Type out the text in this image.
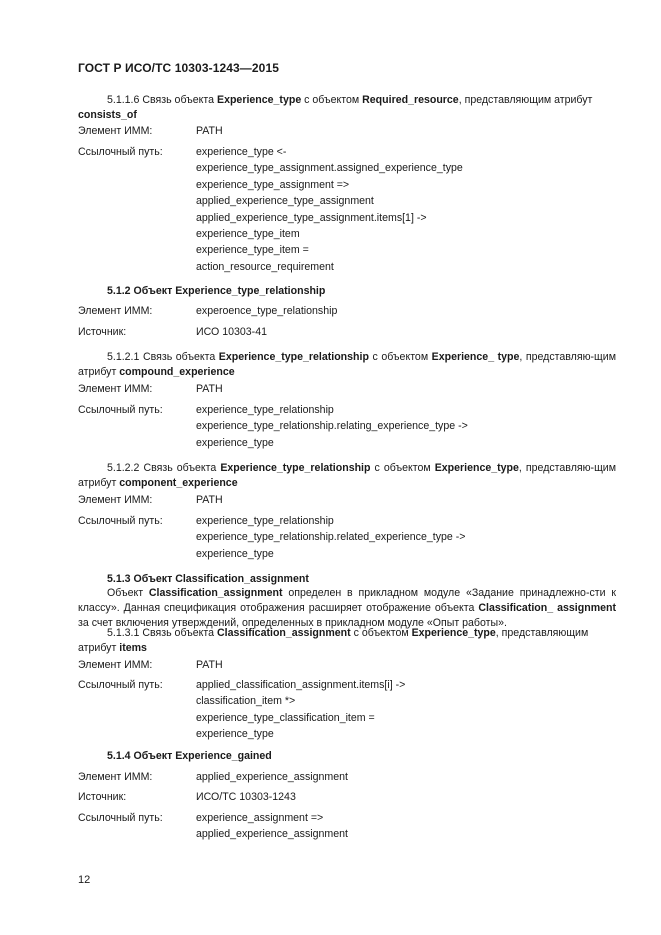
ГОСТ Р ИСО/ТС 10303-1243—2015
5.1.1.6 Связь объекта Experience_type с объектом Required_resource, представляющим атрибут consists_of
Элемент ИММ:	PATH
Ссылочный путь:	experience_type <-
experience_type_assignment.assigned_experience_type
experience_type_assignment =>
applied_experience_type_assignment
applied_experience_type_assignment.items[1] ->
experience_type_item
experience_type_item =
action_resource_requirement
5.1.2 Объект Experience_type_relationship
Элемент ИММ:	experoence_type_relationship
Источник:	ИСО 10303-41
5.1.2.1 Связь объекта Experience_type_relationship с объектом Experience_ type, представляю-щим атрибут compound_experience
Элемент ИММ:	PATH
Ссылочный путь:	experience_type_relationship
experience_type_relationship.relating_experience_type ->
experience_type
5.1.2.2 Связь объекта Experience_type_relationship с объектом Experience_type, представляю-щим атрибут component_experience
Элемент ИММ:	PATH
Ссылочный путь:	experience_type_relationship
experience_type_relationship.related_experience_type ->
experience_type
5.1.3 Объект Classification_assignment
Объект Classification_assignment определен в прикладном модуле «Задание принадлежно-сти к классу». Данная спецификация отображения расширяет отображение объекта Classification_ assignment за счет включения утверждений, определенных в прикладном модуле «Опыт работы».
5.1.3.1 Связь объекта Classification_assignment с объектом Experience_type, представляющим атрибут items
Элемент ИММ:	PATH
Ссылочный путь:	applied_classification_assignment.items[i] ->
classification_item *>
experience_type_classification_item =
experience_type
5.1.4 Объект Experience_gained
Элемент ИММ:	applied_experience_assignment
Источник:	ИСО/ТС 10303-1243
Ссылочный путь:	experience_assignment =>
applied_experience_assignment
12
